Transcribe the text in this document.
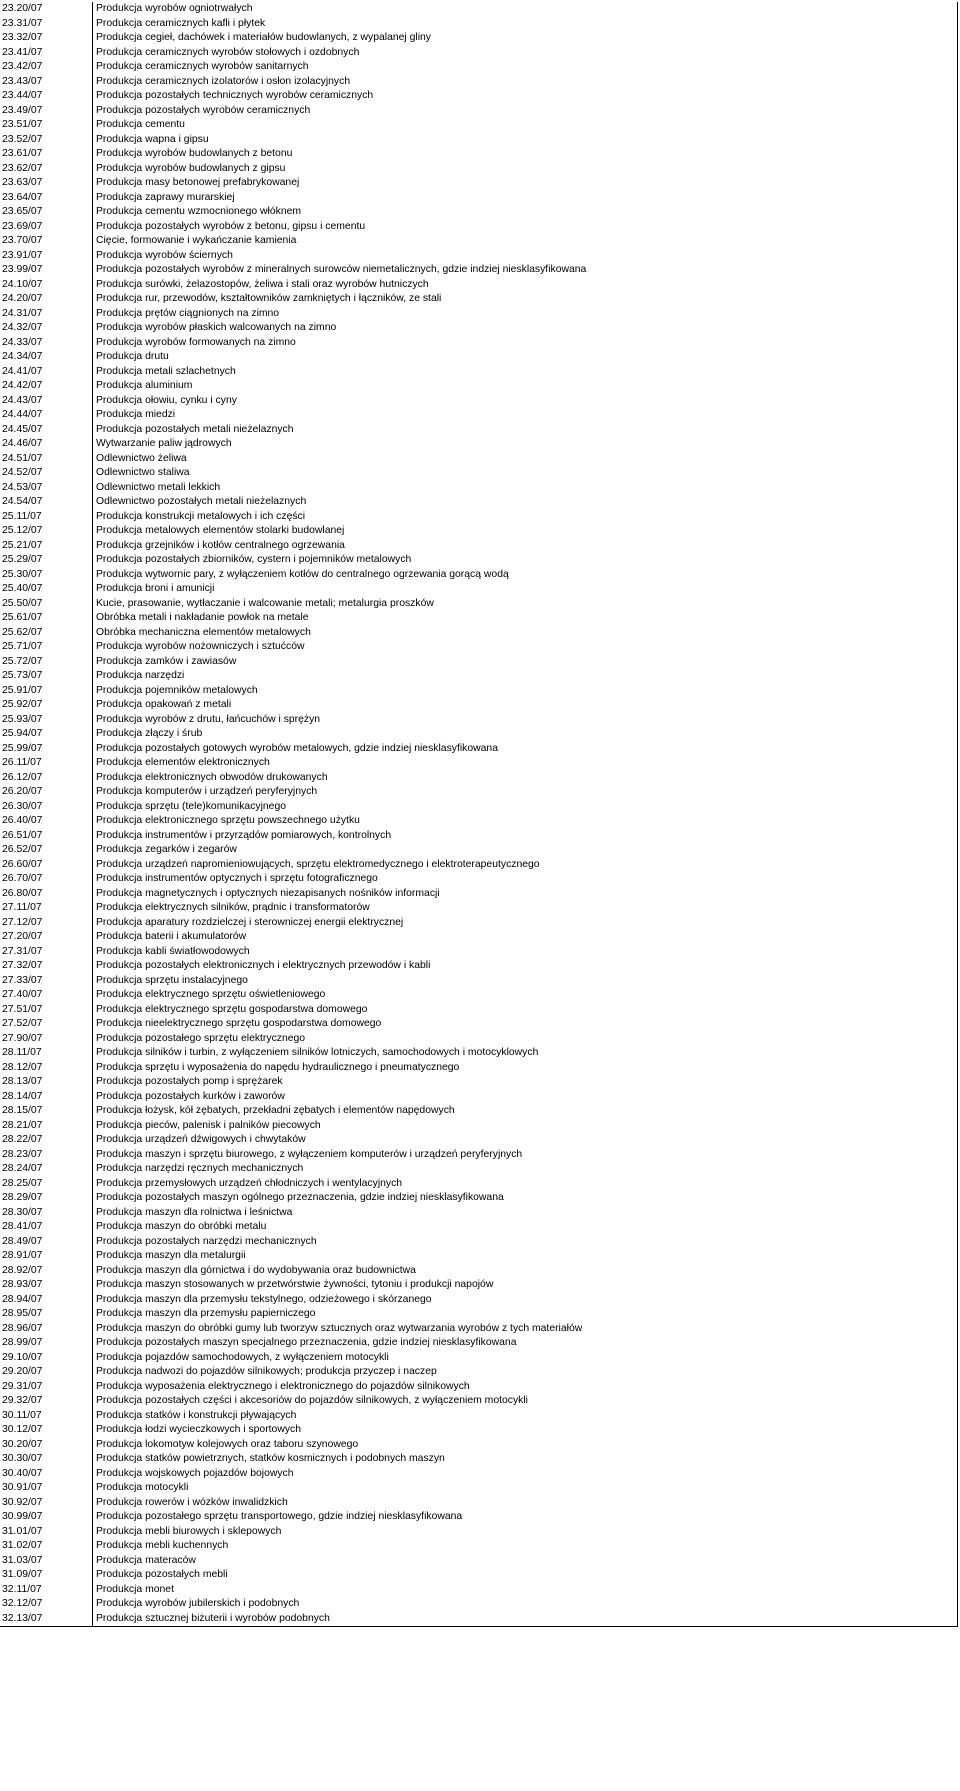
23.20/07	Produkcja wyrobów ogniotrwałych
23.31/07	Produkcja ceramicznych kafli i płytek
23.32/07	Produkcja cegieł, dachówek i materiałów budowlanych, z wypalanej gliny
23.41/07	Produkcja ceramicznych wyrobów stołowych i ozdobnych
23.42/07	Produkcja ceramicznych wyrobów sanitarnych
23.43/07	Produkcja ceramicznych izolatorów i osłon izolacyjnych
23.44/07	Produkcja pozostałych technicznych wyrobów ceramicznych
23.49/07	Produkcja pozostałych wyrobów ceramicznych
23.51/07	Produkcja cementu
23.52/07	Produkcja wapna i gipsu
23.61/07	Produkcja wyrobów budowlanych z betonu
23.62/07	Produkcja wyrobów budowlanych z gipsu
23.63/07	Produkcja masy betonowej prefabrykowanej
23.64/07	Produkcja zaprawy murarskiej
23.65/07	Produkcja cementu wzmocnionego włóknem
23.69/07	Produkcja pozostałych wyrobów z betonu, gipsu i cementu
23.70/07	Cięcie, formowanie i wykańczanie kamienia
23.91/07	Produkcja wyrobów ściernych
23.99/07	Produkcja pozostałych wyrobów z mineralnych surowców niemetalicznych, gdzie indziej niesklasyfikowana
24.10/07	Produkcja surówki, żelazostopów, żeliwa i stali oraz wyrobów hutniczych
24.20/07	Produkcja rur, przewodów, kształtowników zamkniętych i łączników, ze stali
24.31/07	Produkcja prętów ciągnionych na zimno
24.32/07	Produkcja wyrobów płaskich walcowanych na zimno
24.33/07	Produkcja wyrobów formowanych na zimno
24.34/07	Produkcja drutu
24.41/07	Produkcja metali szlachetnych
24.42/07	Produkcja aluminium
24.43/07	Produkcja ołowiu, cynku i cyny
24.44/07	Produkcja miedzi
24.45/07	Produkcja pozostałych metali nieżelaznych
24.46/07	Wytwarzanie paliw jądrowych
24.51/07	Odlewnictwo żeliwa
24.52/07	Odlewnictwo staliwa
24.53/07	Odlewnictwo metali lekkich
24.54/07	Odlewnictwo pozostałych metali nieżelaznych
25.11/07	Produkcja konstrukcji metalowych i ich części
25.12/07	Produkcja metalowych elementów stolarki budowlanej
25.21/07	Produkcja grzejników i kotłów centralnego ogrzewania
25.29/07	Produkcja pozostałych zbiorników, cystern i pojemników metalowych
25.30/07	Produkcja wytwornic pary, z wyłączeniem kotłów do centralnego ogrzewania gorącą wodą
25.40/07	Produkcja broni i amunicji
25.50/07	Kucie, prasowanie, wytłaczanie i walcowanie metali; metalurgia proszków
25.61/07	Obróbka metali i nakładanie powłok na metale
25.62/07	Obróbka mechaniczna elementów metalowych
25.71/07	Produkcja wyrobów nożowniczych i sztućców
25.72/07	Produkcja zamków i zawiasów
25.73/07	Produkcja narzędzi
25.91/07	Produkcja pojemników metalowych
25.92/07	Produkcja opakowań z metali
25.93/07	Produkcja wyrobów z drutu, łańcuchów i sprężyn
25.94/07	Produkcja złączy i śrub
25.99/07	Produkcja pozostałych gotowych wyrobów metalowych, gdzie indziej niesklasyfikowana
26.11/07	Produkcja elementów elektronicznych
26.12/07	Produkcja elektronicznych obwodów drukowanych
26.20/07	Produkcja komputerów i urządzeń peryferyjnych
26.30/07	Produkcja sprzętu (tele)komunikacyjnego
26.40/07	Produkcja elektronicznego sprzętu powszechnego użytku
26.51/07	Produkcja instrumentów i przyrządów pomiarowych, kontrolnych
26.52/07	Produkcja zegarków i zegarów
26.60/07	Produkcja urządzeń napromieniowujących, sprzętu elektromedycznego i elektroterapeutycznego
26.70/07	Produkcja instrumentów optycznych i sprzętu fotograficznego
26.80/07	Produkcja magnetycznych i optycznych niezapisanych nośników informacji
27.11/07	Produkcja elektrycznych silników, prądnic i transformatorów
27.12/07	Produkcja aparatury rozdzielczej i sterowniczej energii elektrycznej
27.20/07	Produkcja baterii i akumulatorów
27.31/07	Produkcja kabli światłowodowych
27.32/07	Produkcja pozostałych elektronicznych i elektrycznych przewodów i kabli
27.33/07	Produkcja sprzętu instalacyjnego
27.40/07	Produkcja elektrycznego sprzętu oświetleniowego
27.51/07	Produkcja elektrycznego sprzętu gospodarstwa domowego
27.52/07	Produkcja nieelektrycznego sprzętu gospodarstwa domowego
27.90/07	Produkcja pozostałego sprzętu elektrycznego
28.11/07	Produkcja silników i turbin, z wyłączeniem silników lotniczych, samochodowych i motocyklowych
28.12/07	Produkcja sprzętu i wyposażenia do napędu hydraulicznego i pneumatycznego
28.13/07	Produkcja pozostałych pomp i sprężarek
28.14/07	Produkcja pozostałych kurków i zaworów
28.15/07	Produkcja łożysk, kół zębatych, przekładni zębatych i elementów napędowych
28.21/07	Produkcja pieców, palenisk i palników piecowych
28.22/07	Produkcja urządzeń dźwigowych i chwytaków
28.23/07	Produkcja maszyn i sprzętu biurowego, z wyłączeniem komputerów i urządzeń peryferyjnych
28.24/07	Produkcja narzędzi ręcznych mechanicznych
28.25/07	Produkcja przemysłowych urządzeń chłodniczych i wentylacyjnych
28.29/07	Produkcja pozostałych maszyn ogólnego przeznaczenia, gdzie indziej niesklasyfikowana
28.30/07	Produkcja maszyn dla rolnictwa i leśnictwa
28.41/07	Produkcja maszyn do obróbki metalu
28.49/07	Produkcja pozostałych narzędzi mechanicznych
28.91/07	Produkcja maszyn dla metalurgii
28.92/07	Produkcja maszyn dla górnictwa i do wydobywania oraz budownictwa
28.93/07	Produkcja maszyn stosowanych w przetwórstwie żywności, tytoniu i produkcji napojów
28.94/07	Produkcja maszyn dla przemysłu tekstylnego, odzieżowego i skórzanego
28.95/07	Produkcja maszyn dla przemysłu papierniczego
28.96/07	Produkcja maszyn do obróbki gumy lub tworzyw sztucznych oraz wytwarzania wyrobów z tych materiałów
28.99/07	Produkcja pozostałych maszyn specjalnego przeznaczenia, gdzie indziej niesklasyfikowana
29.10/07	Produkcja pojazdów samochodowych, z wyłączeniem motocykli
29.20/07	Produkcja nadwozi do pojazdów silnikowych; produkcja przyczep i naczep
29.31/07	Produkcja wyposażenia elektrycznego i elektronicznego do pojazdów silnikowych
29.32/07	Produkcja pozostałych części i akcesoriów do pojazdów silnikowych, z wyłączeniem motocykli
30.11/07	Produkcja statków i konstrukcji pływających
30.12/07	Produkcja łodzi wycieczkowych i sportowych
30.20/07	Produkcja lokomotyw kolejowych oraz taboru szynowego
30.30/07	Produkcja statków powietrznych, statków kosmicznych i podobnych maszyn
30.40/07	Produkcja wojskowych pojazdów bojowych
30.91/07	Produkcja motocykli
30.92/07	Produkcja rowerów i wózków inwalidzkich
30.99/07	Produkcja pozostałego sprzętu transportowego, gdzie indziej niesklasyfikowana
31.01/07	Produkcja mebli biurowych i sklepowych
31.02/07	Produkcja mebli kuchennych
31.03/07	Produkcja materaców
31.09/07	Produkcja pozostałych mebli
32.11/07	Produkcja monet
32.12/07	Produkcja wyrobów jubilerskich i podobnych
32.13/07	Produkcja sztucznej biżuterii i wyrobów podobnych
